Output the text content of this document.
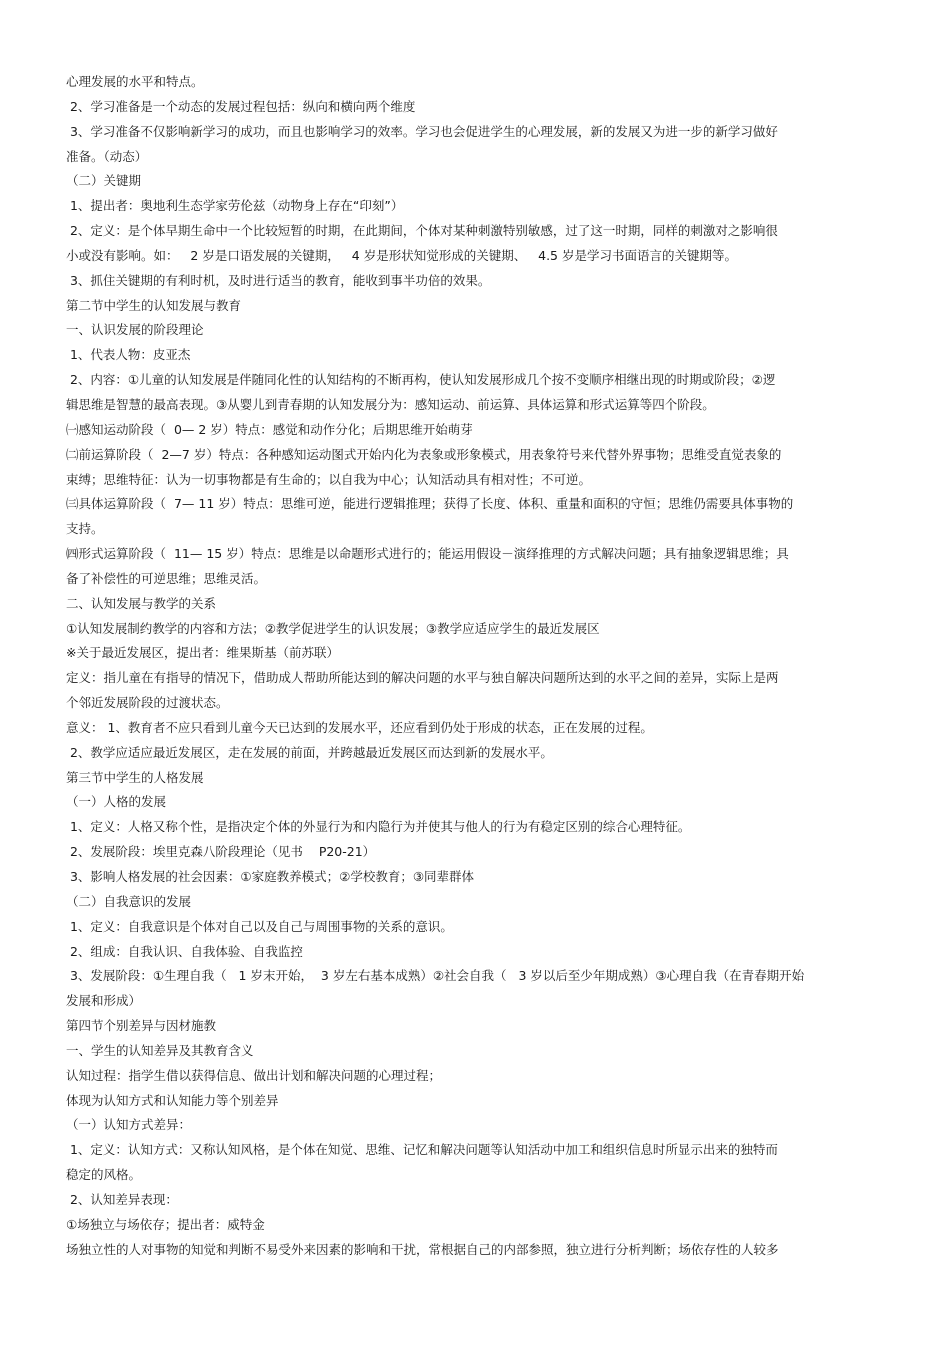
心理发展的水平和特点。
2、学习准备是一个动态的发展过程包括：纵向和横向两个维度
3、学习准备不仅影响新学习的成功，而且也影响学习的效率。学习也会促进学生的心理发展，新的发展又为进一步的新学习做好
准备。（动态）
（二）关键期
1、提出者：奥地利生态学家劳伦兹（动物身上存在“印刻”）
2、定义：是个体早期生命中一个比较短暂的时期，在此期间，个体对某种刺激特别敏感，过了这一时期，同样的刺激对之影响很
小或没有影响。如：   2 岁是口语发展的关键期，   4 岁是形状知觉形成的关键期、   4.5 岁是学习书面语言的关键期等。
3、抓住关键期的有利时机，及时进行适当的教育，能收到事半功倍的效果。
第二节中学生的认知发展与教育
一、认识发展的阶段理论
1、代表人物：皮亚杰
2、内容：①儿童的认知发展是伴随同化性的认知结构的不断再构，使认知发展形成几个按不变顺序相继出现的时期或阶段；②逻
辑思维是智慧的最高表现。③从婴儿到青春期的认知发展分为：感知运动、前运算、具体运算和形式运算等四个阶段。
㈠感知运动阶段（  0— 2 岁）特点：感觉和动作分化；后期思维开始萌芽
㈡前运算阶段（  2—7 岁）特点：各种感知运动图式开始内化为表象或形象模式，用表象符号来代替外界事物；思维受直觉表象的
束缚；思维特征：认为一切事物都是有生命的；以自我为中心；认知活动具有相对性；不可逆。
㈢具体运算阶段（  7— 11 岁）特点：思维可逆，能进行逻辑推理；获得了长度、体积、重量和面积的守恒；思维仍需要具体事物的
支持。
㈣形式运算阶段（  11— 15 岁）特点：思维是以命题形式进行的；能运用假设－演绎推理的方式解决问题；具有抽象逻辑思维；具
备了补偿性的可逆思维；思维灵活。
二、认知发展与教学的关系
①认知发展制约教学的内容和方法；②教学促进学生的认识发展；③教学应适应学生的最近发展区
※关于最近发展区，提出者：维果斯基（前苏联）
定义：指儿童在有指导的情况下，借助成人帮助所能达到的解决问题的水平与独自解决问题所达到的水平之间的差异，实际上是两
个邻近发展阶段的过渡状态。
意义： 1、教育者不应只看到儿童今天已达到的发展水平，还应看到仍处于形成的状态，正在发展的过程。
2、教学应适应最近发展区，走在发展的前面，并跨越最近发展区而达到新的发展水平。
第三节中学生的人格发展
（一）人格的发展
1、定义：人格又称个性，是指决定个体的外显行为和内隐行为并使其与他人的行为有稳定区别的综合心理特征。
2、发展阶段：埃里克森八阶段理论（见书    P20-21）
3、影响人格发展的社会因素：①家庭教养模式；②学校教育；③同辈群体
（二）自我意识的发展
1、定义：自我意识是个体对自己以及自己与周围事物的关系的意识。
2、组成：自我认识、自我体验、自我监控
3、发展阶段：①生理自我（   1 岁末开始，  3 岁左右基本成熟）②社会自我（   3 岁以后至少年期成熟）③心理自我（在青春期开始
发展和形成）
第四节个别差异与因材施教
一、学生的认知差异及其教育含义
认知过程：指学生借以获得信息、做出计划和解决问题的心理过程；
体现为认知方式和认知能力等个别差异
（一）认知方式差异：
1、定义：认知方式：又称认知风格，是个体在知觉、思维、记忆和解决问题等认知活动中加工和组织信息时所显示出来的独特而
稳定的风格。
2、认知差异表现：
①场独立与场依存；提出者：威特金
场独立性的人对事物的知觉和判断不易受外来因素的影响和干扰，常根据自己的内部参照，独立进行分析判断；场依存性的人较多
